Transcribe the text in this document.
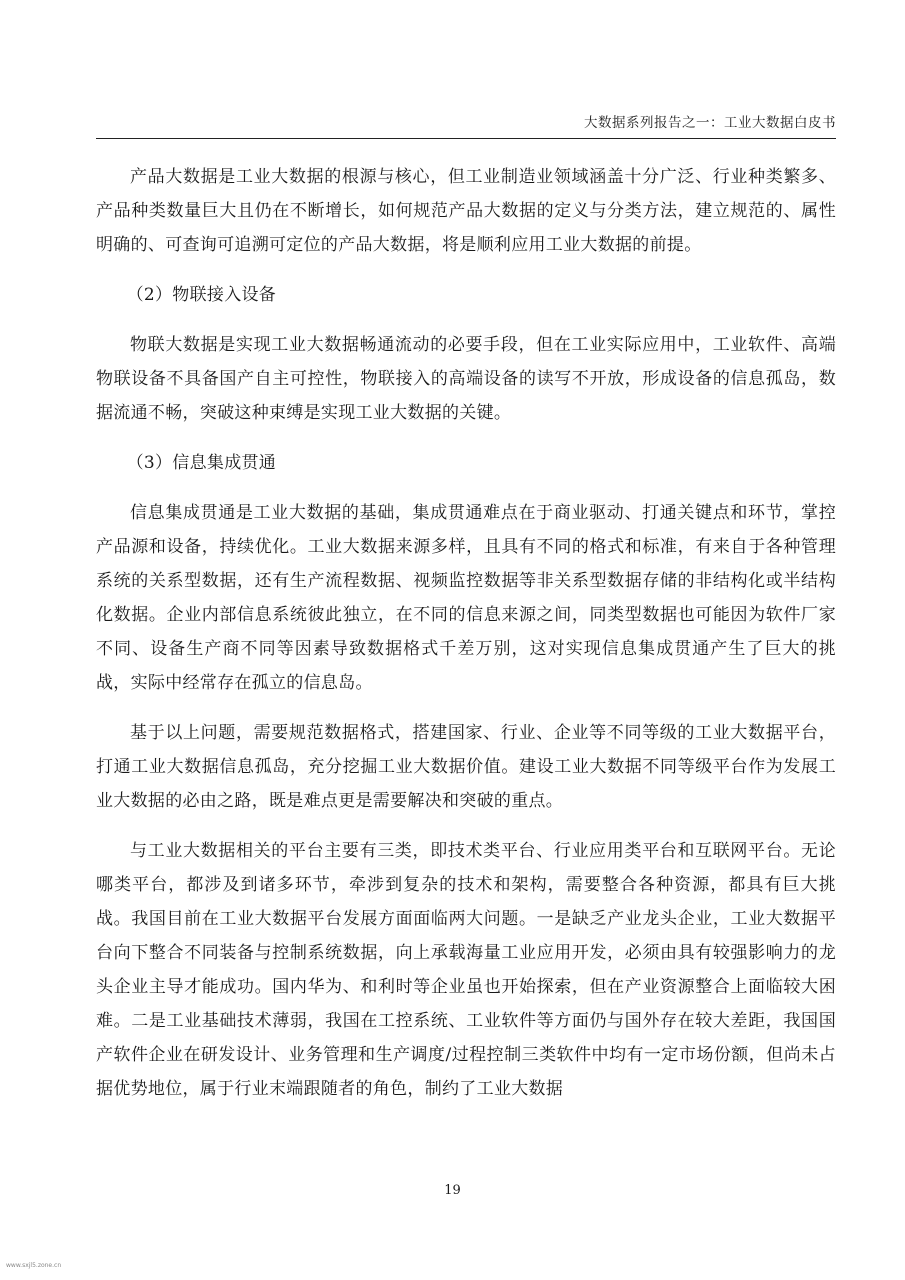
大数据系列报告之一：工业大数据白皮书

产品大数据是工业大数据的根源与核心，但工业制造业领域涵盖十分广泛、行业种类繁多、产品种类数量巨大且仍在不断增长，如何规范产品大数据的定义与分类方法，建立规范的、属性明确的、可查询可追溯可定位的产品大数据，将是顺利应用工业大数据的前提。

（2）物联接入设备

物联大数据是实现工业大数据畅通流动的必要手段，但在工业实际应用中，工业软件、高端物联设备不具备国产自主可控性，物联接入的高端设备的读写不开放，形成设备的信息孤岛，数据流通不畅，突破这种束缚是实现工业大数据的关键。

（3）信息集成贯通

信息集成贯通是工业大数据的基础，集成贯通难点在于商业驱动、打通关键点和环节，掌控产品源和设备，持续优化。工业大数据来源多样，且具有不同的格式和标准，有来自于各种管理系统的关系型数据，还有生产流程数据、视频监控数据等非关系型数据存储的非结构化或半结构化数据。企业内部信息系统彼此独立，在不同的信息来源之间，同类型数据也可能因为软件厂家不同、设备生产商不同等因素导致数据格式千差万别，这对实现信息集成贯通产生了巨大的挑战，实际中经常存在孤立的信息岛。

基于以上问题，需要规范数据格式，搭建国家、行业、企业等不同等级的工业大数据平台，打通工业大数据信息孤岛，充分挖掘工业大数据价值。建设工业大数据不同等级平台作为发展工业大数据的必由之路，既是难点更是需要解决和突破的重点。

与工业大数据相关的平台主要有三类，即技术类平台、行业应用类平台和互联网平台。无论哪类平台，都涉及到诸多环节，牵涉到复杂的技术和架构，需要整合各种资源，都具有巨大挑战。我国目前在工业大数据平台发展方面面临两大问题。一是缺乏产业龙头企业，工业大数据平台向下整合不同装备与控制系统数据，向上承载海量工业应用开发，必须由具有较强影响力的龙头企业主导才能成功。国内华为、和利时等企业虽也开始探索，但在产业资源整合上面临较大困难。二是工业基础技术薄弱，我国在工控系统、工业软件等方面仍与国外存在较大差距，我国国产软件企业在研发设计、业务管理和生产调度/过程控制三类软件中均有一定市场份额，但尚未占据优势地位，属于行业末端跟随者的角色，制约了工业大数据

19
www.sxjl5.zone.cn
